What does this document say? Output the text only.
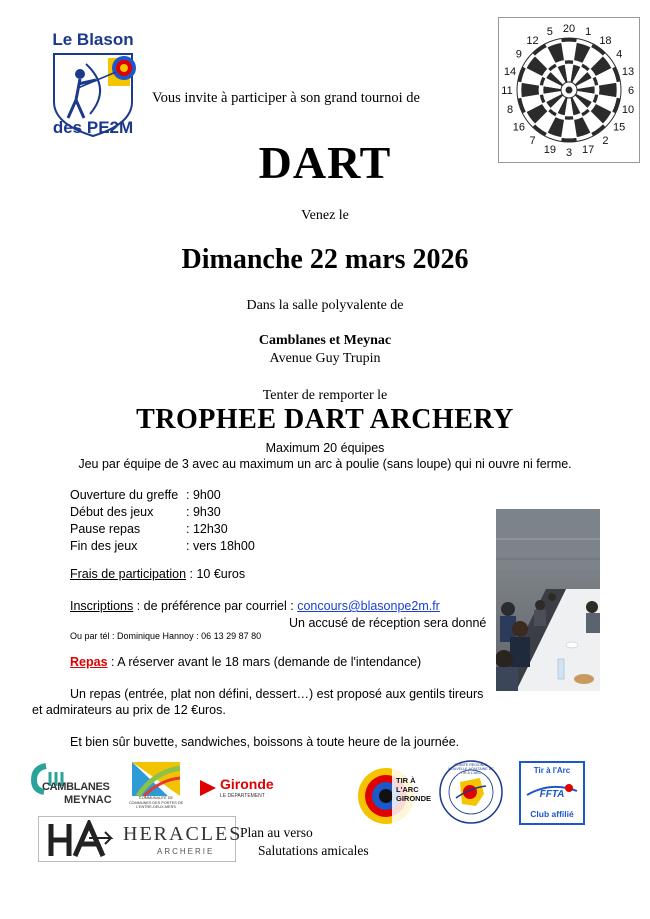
Le Blason
des PE2M
Vous invite à participer à son grand tournoi de
20 1
18
4
13
6
10
15
2
17
3
19
7
16
8
11
14
9
12
5
DART
Venez le
Dimanche 22 mars 2026
Dans la salle polyvalente de
Camblanes et Meynac
Avenue Guy Trupin
Tenter de remporter le
TROPHEE DART ARCHERY
Maximum 20 équipes
Jeu par équipe de 3 avec au maximum un arc à poulie (sans loupe) qui ni ouvre ni ferme.
Ouverture du greffe : 9h00
Début des jeux	: 9h30
Pause repas	: 12h30
Fin des jeux	: vers 18h00
Frais de participation : 10 €uros
Inscriptions : de préférence par courriel : concours@blasonpe2m.fr
Un accusé de réception sera donné
Ou par tél : Dominique Hannoy : 06 13 29 87 80
Repas : A réserver avant le 18 mars (demande de l'intendance)
Un repas (entrée, plat non défini, dessert…) est proposé aux gentils tireurs et admirateurs au prix de 12 €uros.
Et bien sûr buvette, sandwiches, boissons à toute heure de la journée.
CAMBLANES
MEYNAC	COMMUNAUTÉ DE COMMUNES DES PORTES DE L'ENTRE-DEUX-MERS
Gironde
LE DÉPARTEMENT
TIR À L'ARC GIRONDE
COMITÉ RÉGIONAL NOUVELLE-AQUITAINE DE TIR À L'ARC	Tir à l'Arc
FFTA
Club affilié
HERACLES
ARCHERIE
Plan au verso
Salutations amicales
